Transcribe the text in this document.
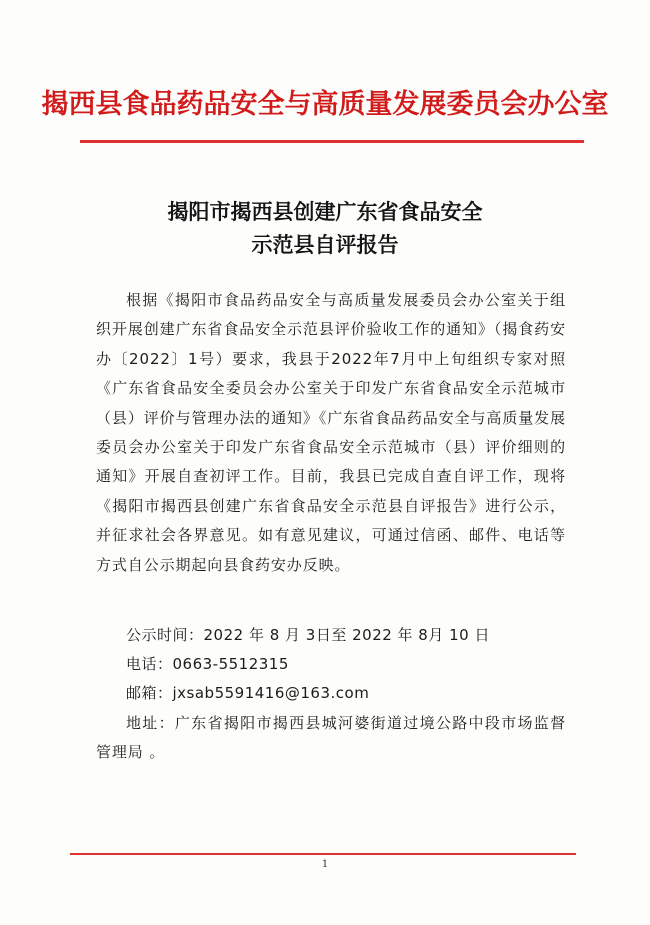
揭西县食品药品安全与高质量发展委员会办公室
揭阳市揭西县创建广东省食品安全
示范县自评报告
根据《揭阳市食品药品安全与高质量发展委员会办公室关于组织开展创建广东省食品安全示范县评价验收工作的通知》（揭食药安办〔2022〕1号）要求，我县于2022年7月中上旬组织专家对照《广东省食品安全委员会办公室关于印发广东省食品安全示范城市（县）评价与管理办法的通知》《广东省食品药品安全与高质量发展委员会办公室关于印发广东省食品安全示范城市（县）评价细则的通知》开展自查初评工作。目前，我县已完成自查自评工作，现将《揭阳市揭西县创建广东省食品安全示范县自评报告》进行公示，并征求社会各界意见。如有意见建议，可通过信函、邮件、电话等方式自公示期起向县食药安办反映。
公示时间：2022 年 8 月 3日至 2022 年 8月 10 日
电话：0663-5512315
邮箱：jxsab5591416@163.com
地址：广东省揭阳市揭西县城河婆街道过境公路中段市场监督管理局 。
1
